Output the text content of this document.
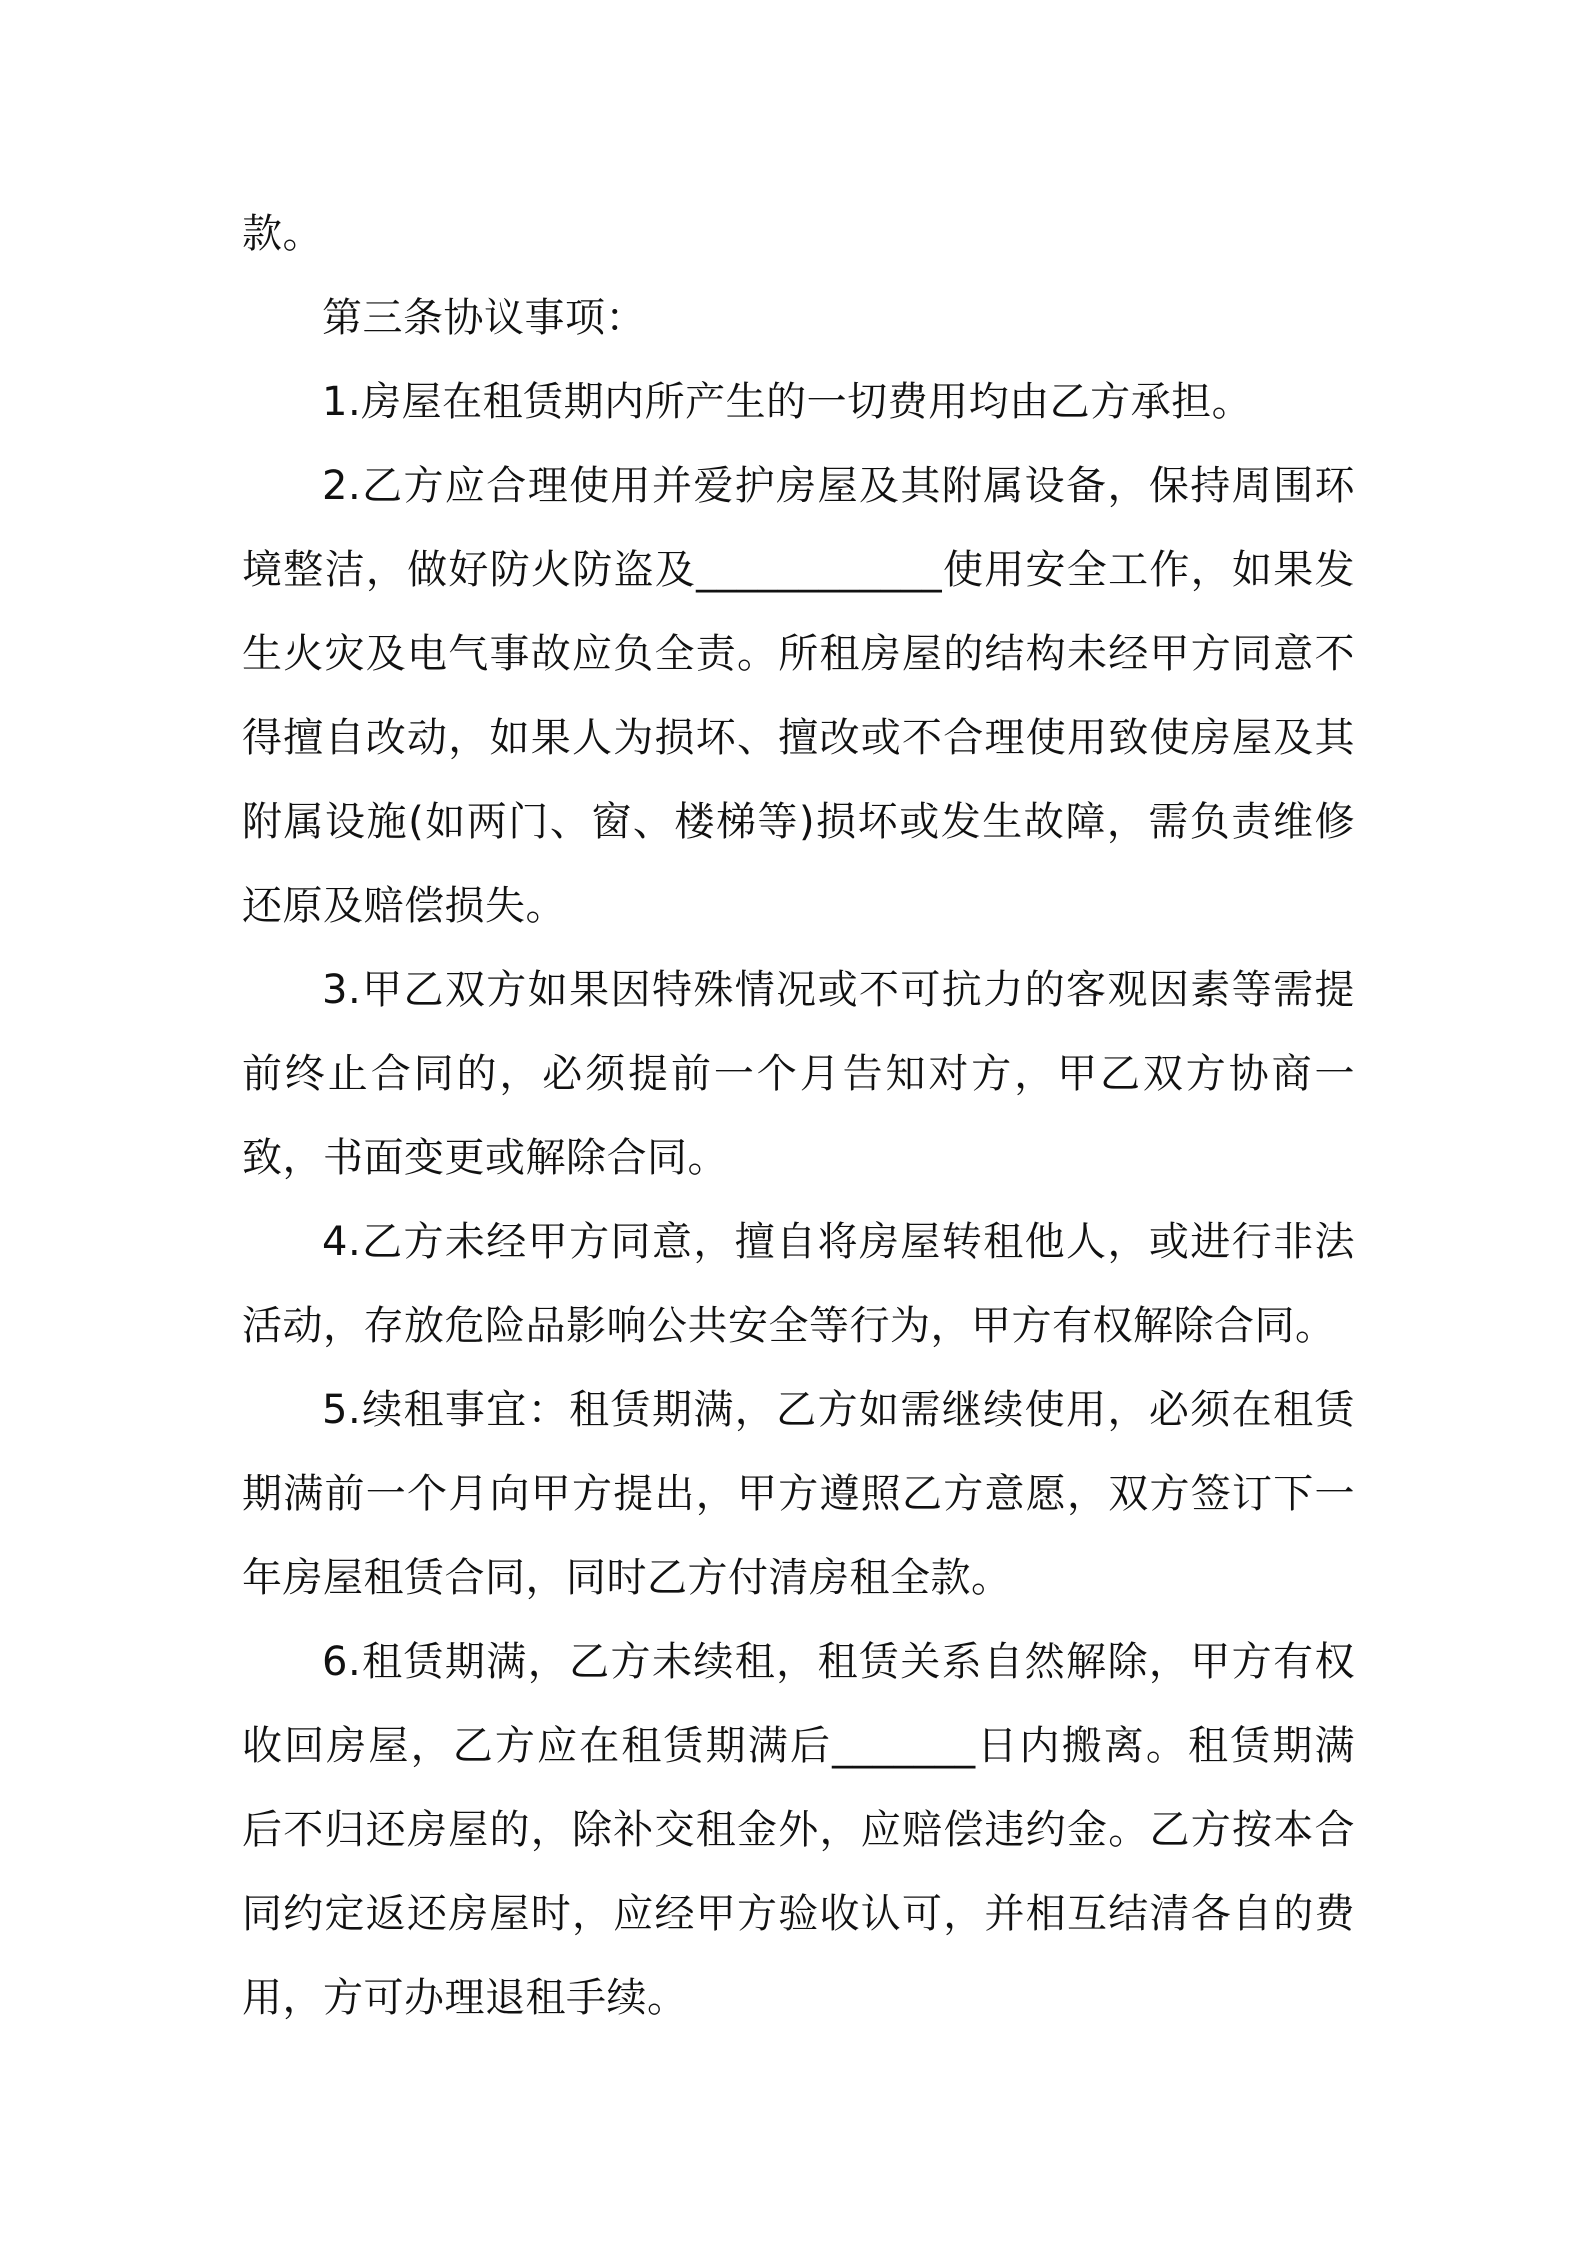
款。

第三条协议事项：

1.房屋在租赁期内所产生的一切费用均由乙方承担。

2.乙方应合理使用并爱护房屋及其附属设备，保持周围环境整洁，做好防火防盗及____________使用安全工作，如果发生火灾及电气事故应负全责。所租房屋的结构未经甲方同意不得擅自改动，如果人为损坏、擅改或不合理使用致使房屋及其附属设施(如两门、窗、楼梯等)损坏或发生故障，需负责维修还原及赔偿损失。

3.甲乙双方如果因特殊情况或不可抗力的客观因素等需提前终止合同的，必须提前一个月告知对方，甲乙双方协商一致，书面变更或解除合同。

4.乙方未经甲方同意，擅自将房屋转租他人，或进行非法活动，存放危险品影响公共安全等行为，甲方有权解除合同。

5.续租事宜：租赁期满，乙方如需继续使用，必须在租赁期满前一个月向甲方提出，甲方遵照乙方意愿，双方签订下一年房屋租赁合同，同时乙方付清房租全款。

6.租赁期满，乙方未续租，租赁关系自然解除，甲方有权收回房屋，乙方应在租赁期满后_______日内搬离。租赁期满后不归还房屋的，除补交租金外，应赔偿违约金。乙方按本合同约定返还房屋时，应经甲方验收认可，并相互结清各自的费用，方可办理退租手续。
